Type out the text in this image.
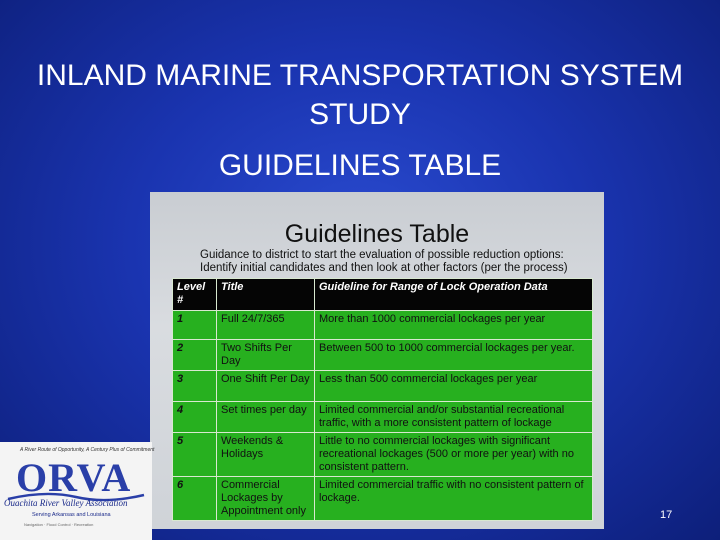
INLAND MARINE TRANSPORTATION SYSTEM
STUDY
GUIDELINES TABLE
Guidelines Table
Guidance to district to start the evaluation of possible reduction options:
Identify initial candidates and then look at other factors (per the process)
Level #	Title	Guideline for Range of Lock Operation Data
1	Full 24/7/365	More than 1000 commercial lockages per year
2	Two Shifts Per Day	Between 500 to 1000 commercial lockages per year.
3	One Shift Per Day	Less than 500 commercial lockages per year
4	Set times per day	Limited commercial and/or substantial recreational traffic, with a more consistent pattern of lockage
5	Weekends & Holidays	Little to no commercial lockages with significant recreational lockages (500 or more per year) with no consistent pattern.
6	Commercial Lockages by Appointment only	Limited commercial traffic with no consistent pattern of lockage.
A River Route of Opportunity, A Century Plus of Commitment
ORVA
Ouachita River Valley Association
Serving Arkansas and Louisiana
Navigation · Flood Control · Recreation
17
